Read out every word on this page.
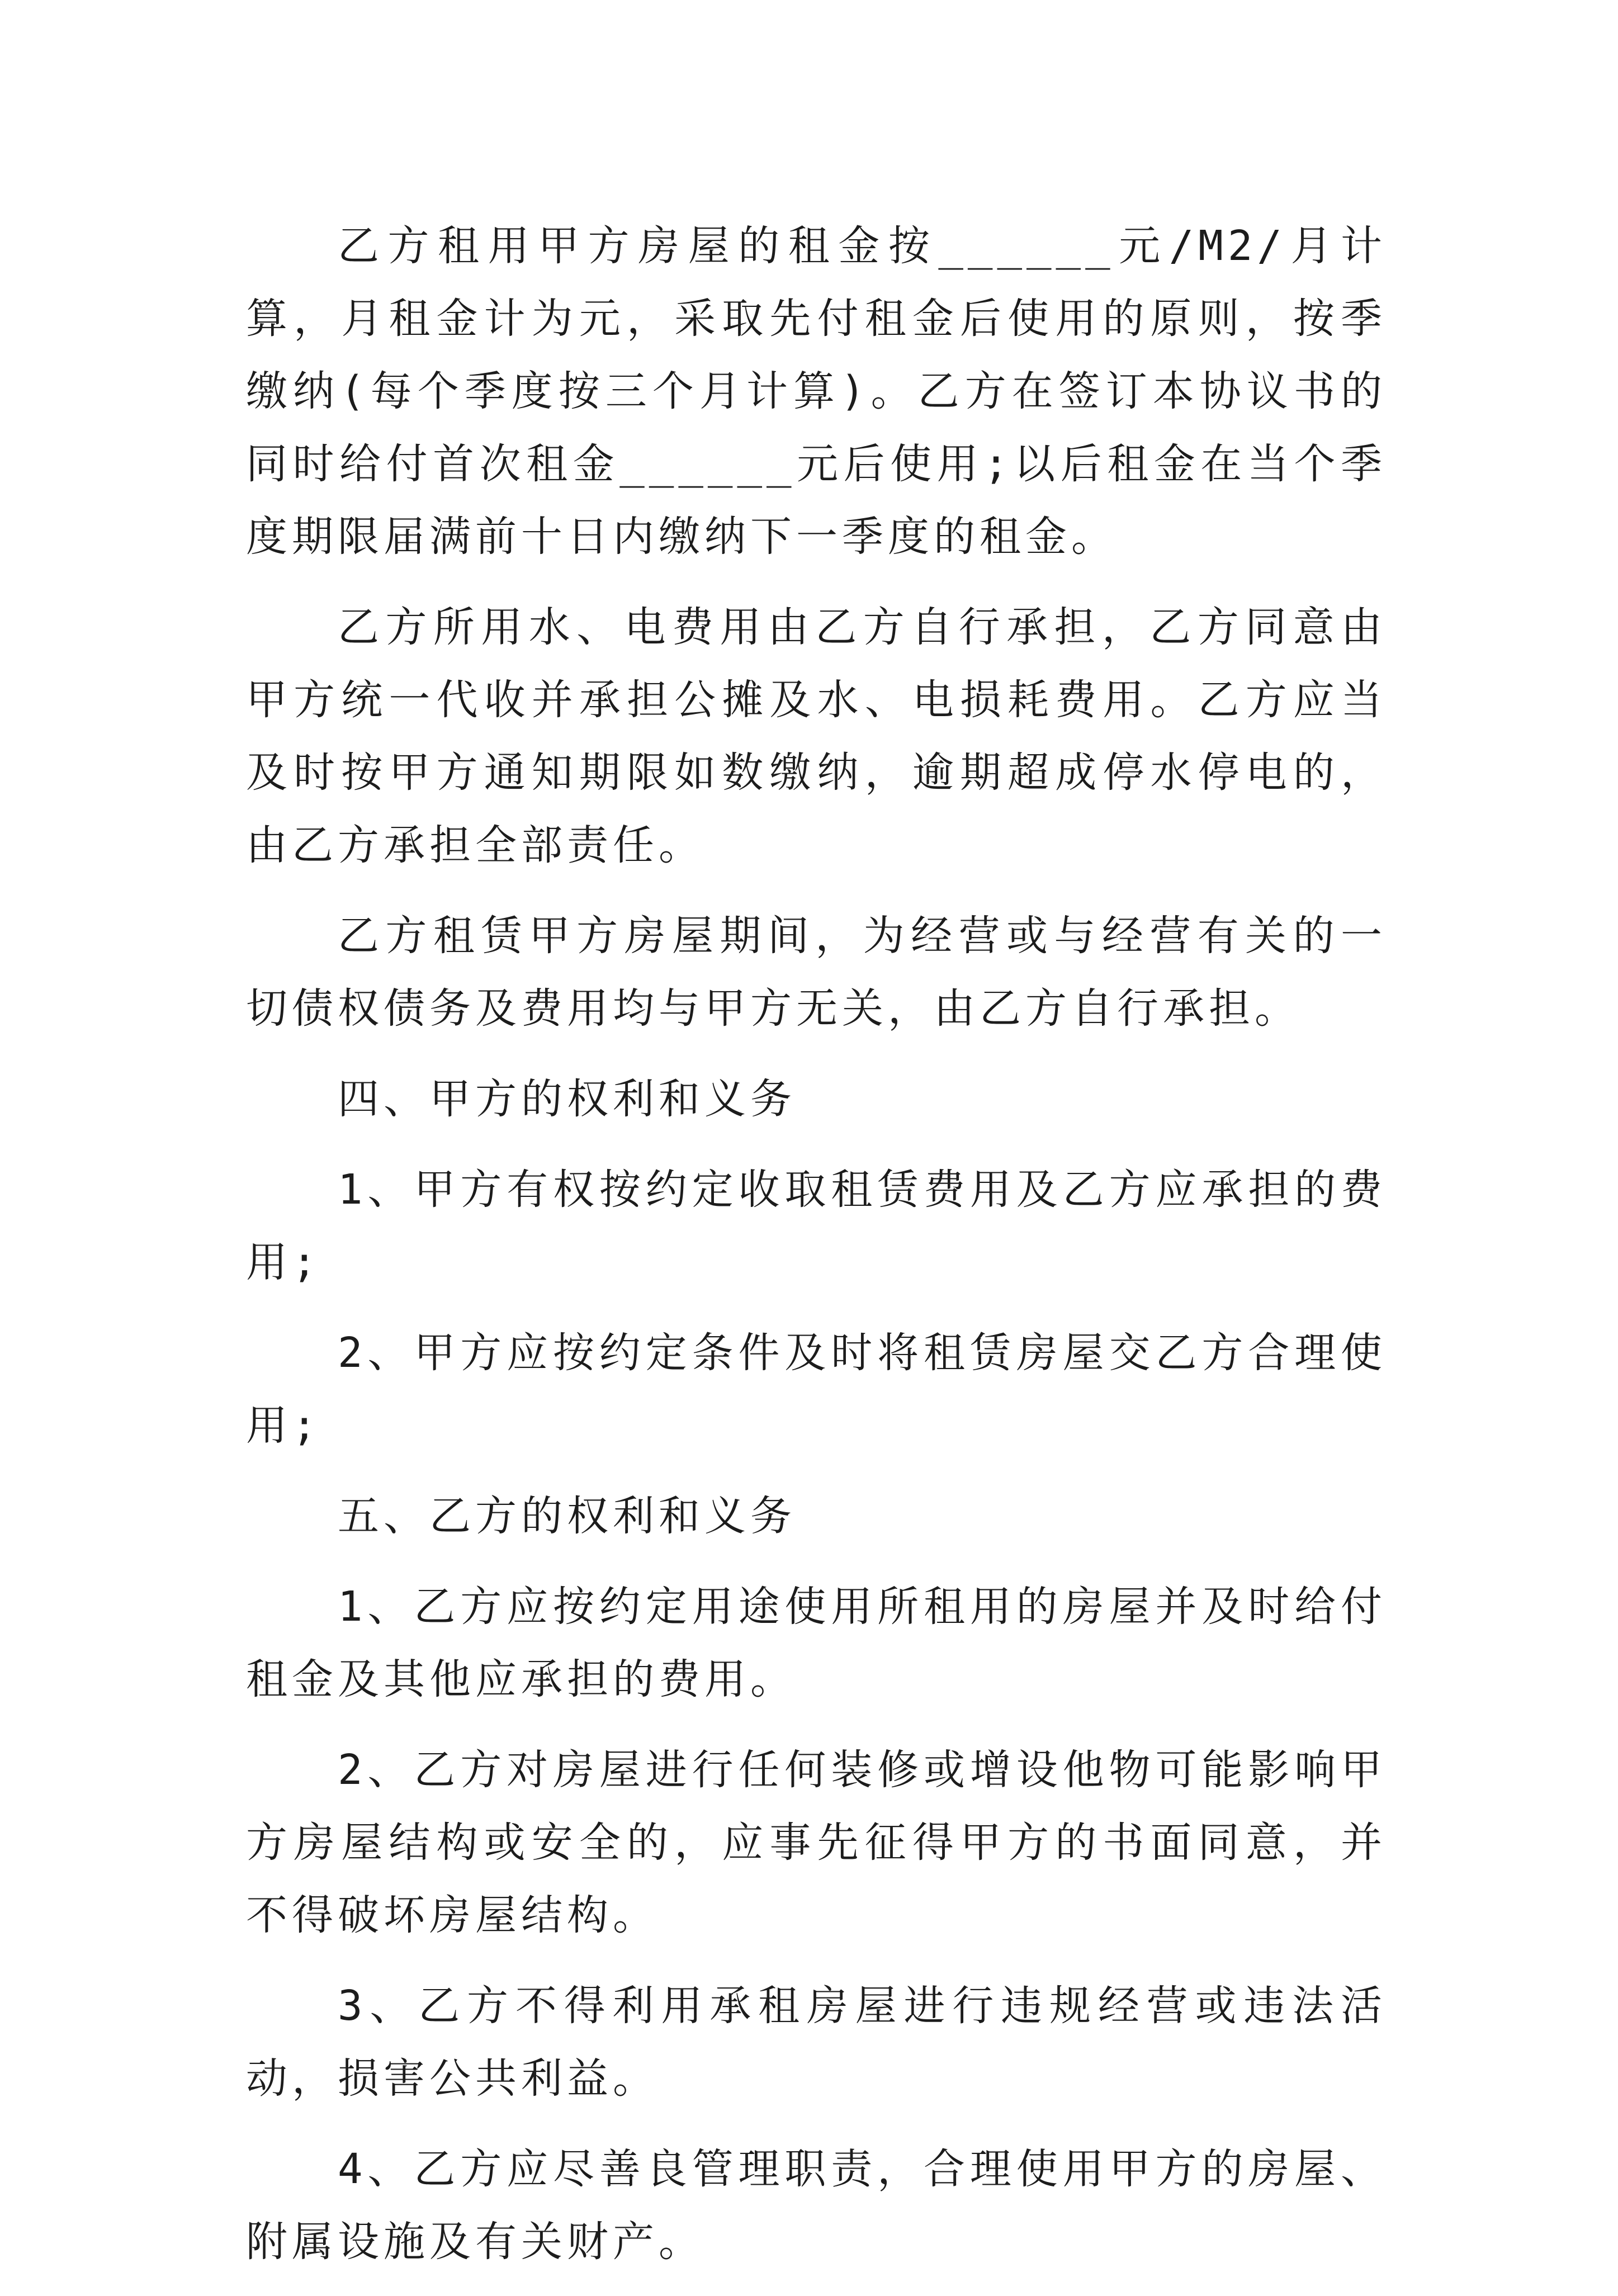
乙方租用甲方房屋的租金按______元/M2/月计算，月租金计为元，采取先付租金后使用的原则，按季缴纳(每个季度按三个月计算)。乙方在签订本协议书的同时给付首次租金______元后使用;以后租金在当个季度期限届满前十日内缴纳下一季度的租金。

乙方所用水、电费用由乙方自行承担，乙方同意由甲方统一代收并承担公摊及水、电损耗费用。乙方应当及时按甲方通知期限如数缴纳，逾期超成停水停电的，由乙方承担全部责任。

乙方租赁甲方房屋期间，为经营或与经营有关的一切债权债务及费用均与甲方无关，由乙方自行承担。

四、甲方的权利和义务

1、甲方有权按约定收取租赁费用及乙方应承担的费用;

2、甲方应按约定条件及时将租赁房屋交乙方合理使用;

五、乙方的权利和义务

1、乙方应按约定用途使用所租用的房屋并及时给付租金及其他应承担的费用。

2、乙方对房屋进行任何装修或增设他物可能影响甲方房屋结构或安全的，应事先征得甲方的书面同意，并不得破坏房屋结构。

3、乙方不得利用承租房屋进行违规经营或违法活动，损害公共利益。

4、乙方应尽善良管理职责，合理使用甲方的房屋、附属设施及有关财产。
